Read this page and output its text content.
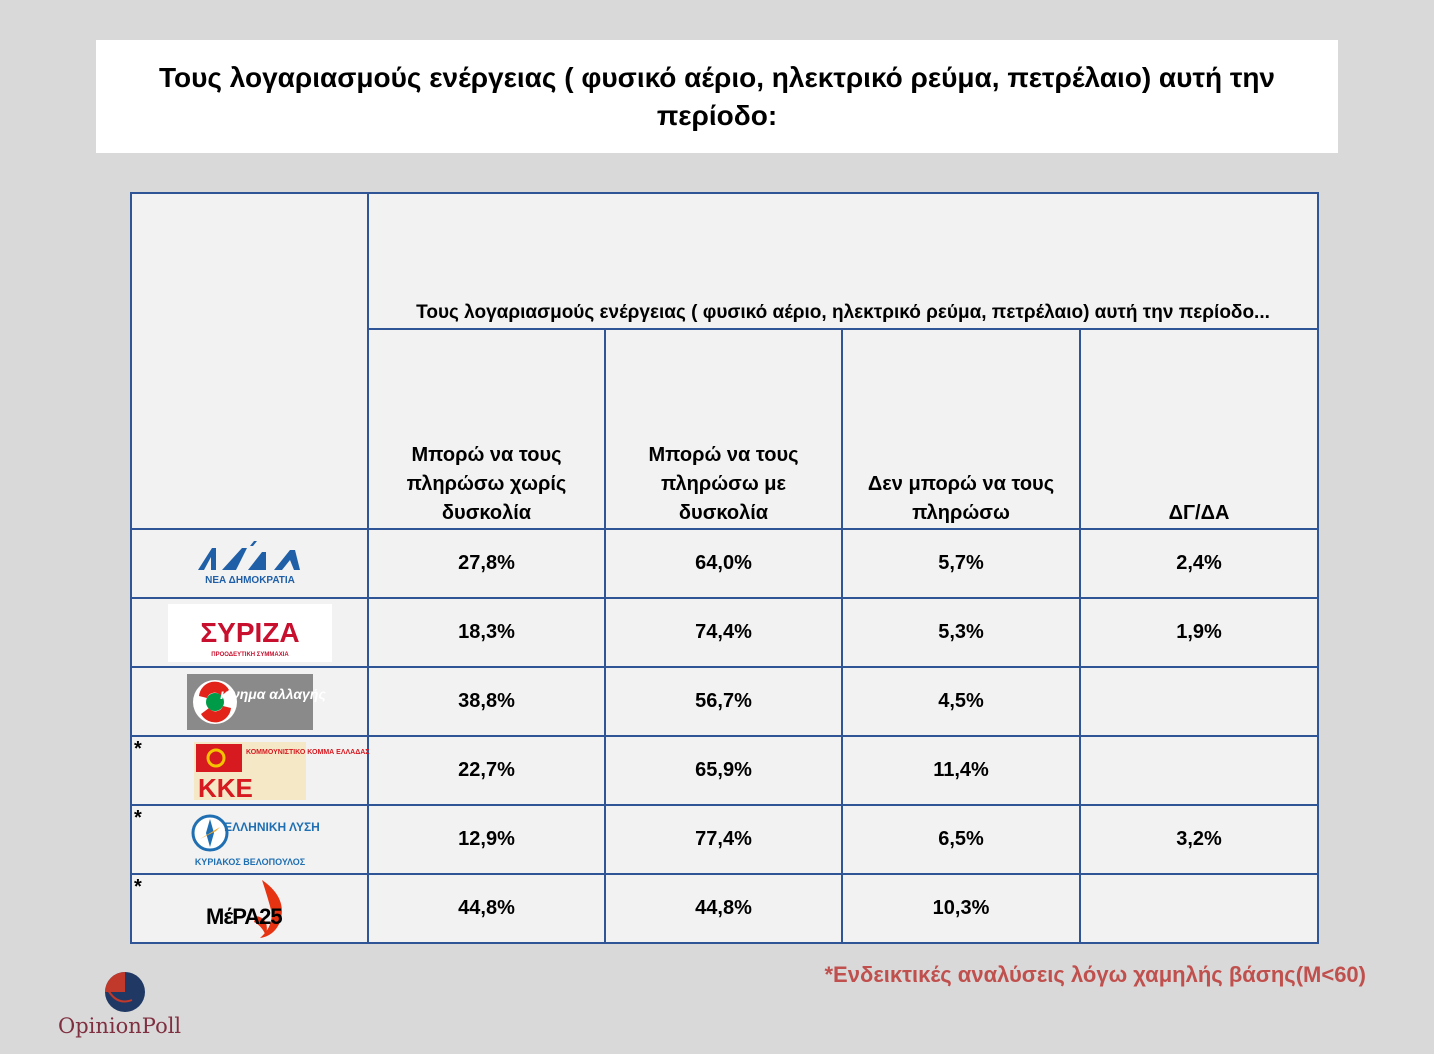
Τους λογαριασμούς ενέργειας ( φυσικό αέριο, ηλεκτρικό ρεύμα, πετρέλαιο) αυτή την περίοδο:

	Τους λογαριασμούς ενέργειας ( φυσικό αέριο, ηλεκτρικό ρεύμα, πετρέλαιο) αυτή την περίοδο...			

	Μπορώ να τους πληρώσω χωρίς δυσκολία	Μπορώ να τους πληρώσω με δυσκολία	Δεν μπορώ να τους πληρώσω	ΔΓ/ΔΑ

ΝΕΑ ΔΗΜΟΚΡΑΤΙΑ	27,8%	64,0%	5,7%	2,4%

ΣΥΡΙΖΑ
ΠΡΟΟΔΕΥΤΙΚΗ ΣΥΜΜΑΧΙΑ	18,3%	74,4%	5,3%	1,9%

κίνημα αλλαγής	38,8%	56,7%	4,5%	

*
ΚΚΕ
ΚΟΜΜΟΥΝΙΣΤΙΚΟ ΚΟΜΜΑ ΕΛΛΑΔΑΣ	22,7%	65,9%	11,4%	

* ΕΛΛΗΝΙΚΗ ΛΥΣΗ
ΚΥΡΙΑΚΟΣ ΒΕΛΟΠΟΥΛΟΣ	12,9%	77,4%	6,5%	3,2%

*
ΜέΡΑ25	44,8%	44,8%	10,3%	
*Ενδεικτικές αναλύσεις λόγω χαμηλής βάσης(Μ<60)
OpinionPoll
